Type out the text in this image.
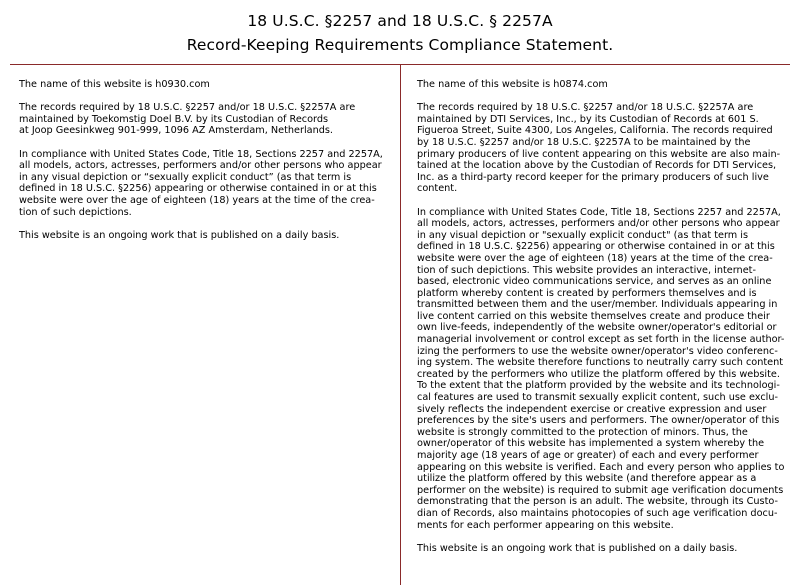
18 U.S.C. §2257 and 18 U.S.C. § 2257A
Record-Keeping Requirements Compliance Statement.

The name of this website is h0930.com

The records required by 18 U.S.C. §2257 and/or 18 U.S.C. §2257A are
maintained by Toekomstig Doel B.V. by its Custodian of Records
at Joop Geesinkweg 901-999, 1096 AZ Amsterdam, Netherlands.

In compliance with United States Code, Title 18, Sections 2257 and 2257A,
all models, actors, actresses, performers and/or other persons who appear
in any visual depiction or “sexually explicit conduct” (as that term is
defined in 18 U.S.C. §2256) appearing or otherwise contained in or at this
website were over the age of eighteen (18) years at the time of the crea-
tion of such depictions.

This website is an ongoing work that is published on a daily basis.

The name of this website is h0874.com

The records required by 18 U.S.C. §2257 and/or 18 U.S.C. §2257A are
maintained by DTI Services, Inc., by its Custodian of Records at 601 S.
Figueroa Street, Suite 4300, Los Angeles, California. The records required
by 18 U.S.C. §2257 and/or 18 U.S.C. §2257A to be maintained by the
primary producers of live content appearing on this website are also main-
tained at the location above by the Custodian of Records for DTI Services,
Inc. as a third-party record keeper for the primary producers of such live
content.

In compliance with United States Code, Title 18, Sections 2257 and 2257A,
all models, actors, actresses, performers and/or other persons who appear
in any visual depiction or "sexually explicit conduct" (as that term is
defined in 18 U.S.C. §2256) appearing or otherwise contained in or at this
website were over the age of eighteen (18) years at the time of the crea-
tion of such depictions. This website provides an interactive, internet-
based, electronic video communications service, and serves as an online
platform whereby content is created by performers themselves and is
transmitted between them and the user/member. Individuals appearing in
live content carried on this website themselves create and produce their
own live-feeds, independently of the website owner/operator's editorial or
managerial involvement or control except as set forth in the license author-
izing the performers to use the website owner/operator's video conferenc-
ing system. The website therefore functions to neutrally carry such content
created by the performers who utilize the platform offered by this website.
To the extent that the platform provided by the website and its technologi-
cal features are used to transmit sexually explicit content, such use exclu-
sively reflects the independent exercise or creative expression and user
preferences by the site's users and performers. The owner/operator of this
website is strongly committed to the protection of minors. Thus, the
owner/operator of this website has implemented a system whereby the
majority age (18 years of age or greater) of each and every performer
appearing on this website is verified. Each and every person who applies to
utilize the platform offered by this website (and therefore appear as a
performer on the website) is required to submit age verification documents
demonstrating that the person is an adult. The website, through its Custo-
dian of Records, also maintains photocopies of such age verification docu-
ments for each performer appearing on this website.

This website is an ongoing work that is published on a daily basis.
